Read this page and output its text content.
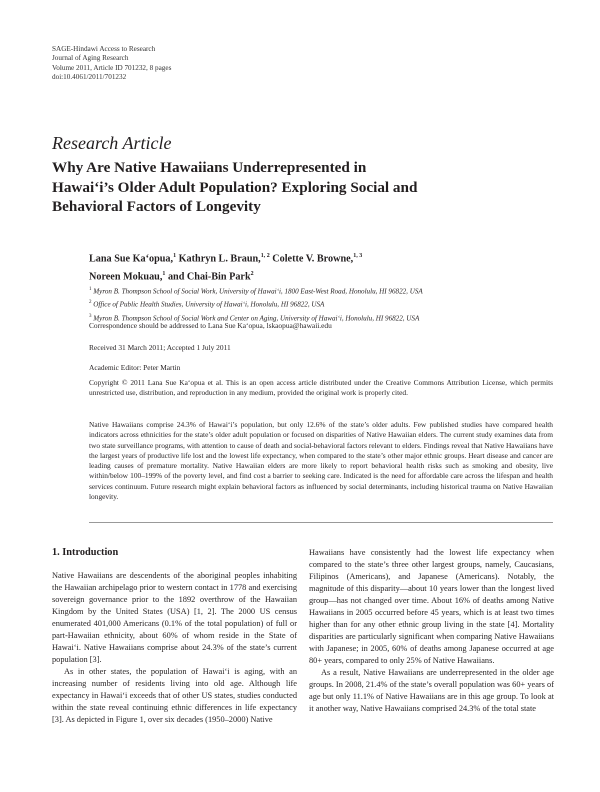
SAGE-Hindawi Access to Research
Journal of Aging Research
Volume 2011, Article ID 701232, 8 pages
doi:10.4061/2011/701232
Research Article
Why Are Native Hawaiians Underrepresented in
Hawai‘i’s Older Adult Population? Exploring Social and
Behavioral Factors of Longevity
Lana Sue Ka‘opua,$^1$ Kathryn L. Braun,$^{1, 2}$ Colette V. Browne,$^{1, 3}$
Noreen Mokuau,$^1$ and Chai-Bin Park$^2$
$^1$ Myron B. Thompson School of Social Work, University of Hawai‘i, 1800 East-West Road, Honolulu, HI 96822, USA
$^2$ Office of Public Health Studies, University of Hawai‘i, Honolulu, HI 96822, USA
$^3$ Myron B. Thompson School of Social Work and Center on Aging, University of Hawai‘i, Honolulu, HI 96822, USA
Correspondence should be addressed to Lana Sue Ka‘opua, lskaopua@hawaii.edu
Received 31 March 2011; Accepted 1 July 2011
Academic Editor: Peter Martin
Copyright © 2011 Lana Sue Ka‘opua et al. This is an open access article distributed under the Creative Commons Attribution License, which permits unrestricted use, distribution, and reproduction in any medium, provided the original work is properly cited.
Native Hawaiians comprise 24.3% of Hawai‘i’s population, but only 12.6% of the state’s older adults. Few published studies have compared health indicators across ethnicities for the state’s older adult population or focused on disparities of Native Hawaiian elders. The current study examines data from two state surveillance programs, with attention to cause of death and social-behavioral factors relevant to elders. Findings reveal that Native Hawaiians have the largest years of productive life lost and the lowest life expectancy, when compared to the state’s other major ethnic groups. Heart disease and cancer are leading causes of premature mortality. Native Hawaiian elders are more likely to report behavioral health risks such as smoking and obesity, live within/below 100–199% of the poverty level, and find cost a barrier to seeking care. Indicated is the need for affordable care across the lifespan and health services continuum. Future research might explain behavioral factors as influenced by social determinants, including historical trauma on Native Hawaiian longevity.
1. Introduction

Native Hawaiians are descendents of the aboriginal peoples inhabiting the Hawaiian archipelago prior to western contact in 1778 and exercising sovereign governance prior to the 1892 overthrow of the Hawaiian Kingdom by the United States (USA) [1, 2]. The 2000 US census enumerated 401,000 Americans (0.1% of the total population) of full or part-Hawaiian ethnicity, about 60% of whom reside in the State of Hawai‘i. Native Hawaiians comprise about 24.3% of the state’s current population [3].

As in other states, the population of Hawai‘i is aging, with an increasing number of residents living into old age. Although life expectancy in Hawai‘i exceeds that of other US states, studies conducted within the state reveal continuing ethnic differences in life expectancy [3]. As depicted in Figure 1, over six decades (1950–2000) Native

Hawaiians have consistently had the lowest life expectancy when compared to the state’s three other largest groups, namely, Caucasians, Filipinos (Americans), and Japanese (Americans). Notably, the magnitude of this disparity—about 10 years lower than the longest lived group—has not changed over time. About 16% of deaths among Native Hawaiians in 2005 occurred before 45 years, which is at least two times higher than for any other ethnic group living in the state [4]. Mortality disparities are particularly significant when comparing Native Hawaiians with Japanese; in 2005, 60% of deaths among Japanese occurred at age 80+ years, compared to only 25% of Native Hawaiians.

As a result, Native Hawaiians are underrepresented in the older age groups. In 2008, 21.4% of the state’s overall population was 60+ years of age but only 11.1% of Native Hawaiians are in this age group. To look at it another way, Native Hawaiians comprised 24.3% of the total state
